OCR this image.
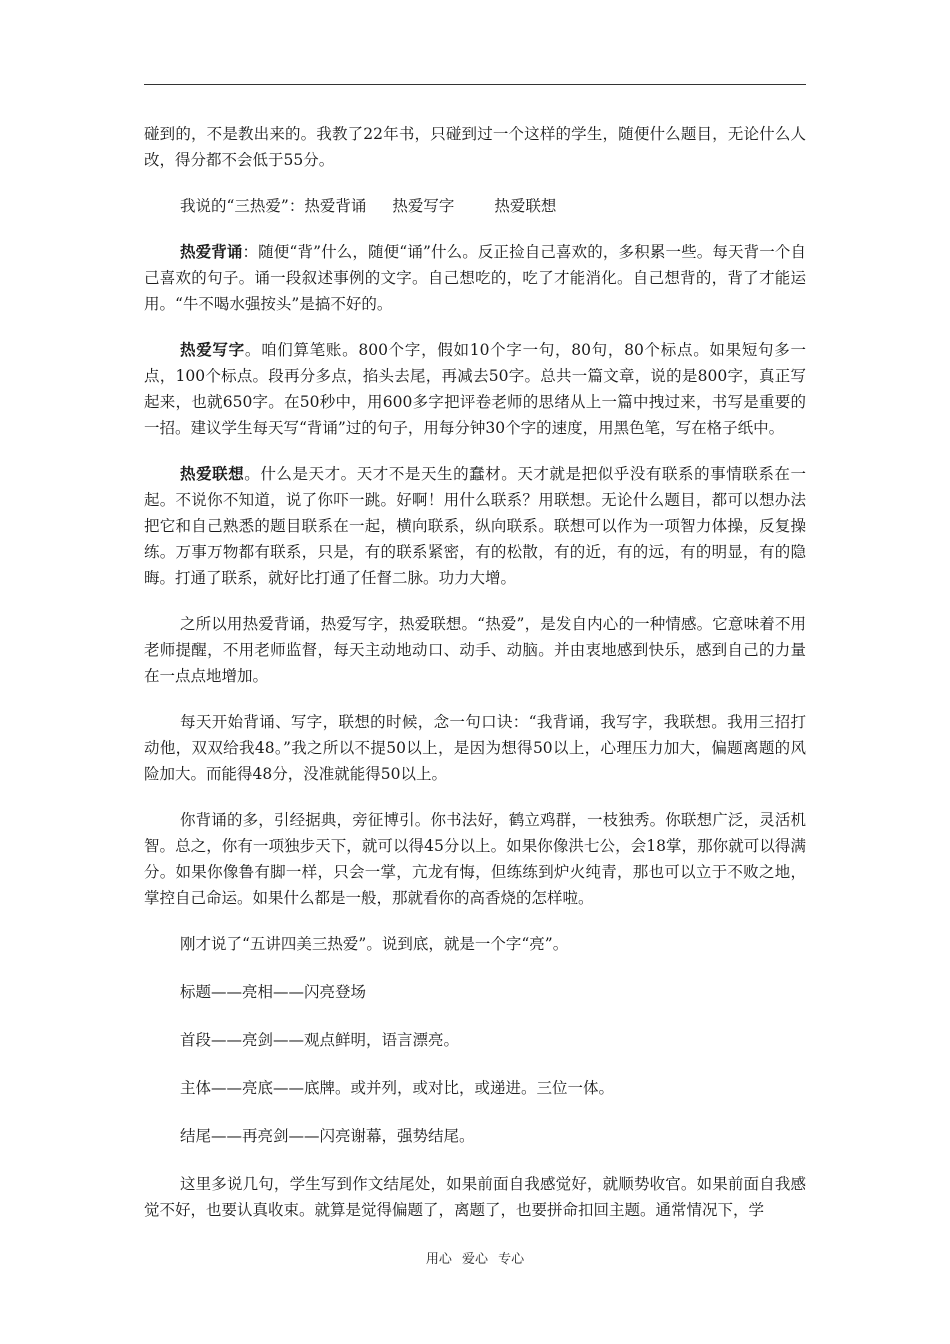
碰到的，不是教出来的。我教了22年书，只碰到过一个这样的学生，随便什么题目，无论什么人改，得分都不会低于55分。

我说的“三热爱”：热爱背诵 热爱写字	热爱联想

热爱背诵：随便“背”什么，随便“诵”什么。反正捡自己喜欢的，多积累一些。每天背一个自己喜欢的句子。诵一段叙述事例的文字。自己想吃的，吃了才能消化。自己想背的，背了才能运用。“牛不喝水强按头”是搞不好的。

热爱写字。咱们算笔账。800个字，假如10个字一句，80句，80个标点。如果短句多一点，100个标点。段再分多点，掐头去尾，再减去50字。总共一篇文章，说的是800字，真正写起来，也就650字。在50秒中，用600多字把评卷老师的思绪从上一篇中拽过来，书写是重要的一招。建议学生每天写“背诵”过的句子，用每分钟30个字的速度，用黑色笔，写在格子纸中。

热爱联想。什么是天才。天才不是天生的蠢材。天才就是把似乎没有联系的事情联系在一起。不说你不知道，说了你吓一跳。好啊！用什么联系？用联想。无论什么题目，都可以想办法把它和自己熟悉的题目联系在一起，横向联系，纵向联系。联想可以作为一项智力体操，反复操练。万事万物都有联系，只是，有的联系紧密，有的松散，有的近，有的远，有的明显，有的隐晦。打通了联系，就好比打通了任督二脉。功力大增。

之所以用热爱背诵，热爱写字，热爱联想。“热爱”，是发自内心的一种情感。它意味着不用老师提醒，不用老师监督，每天主动地动口、动手、动脑。并由衷地感到快乐，感到自己的力量在一点点地增加。

每天开始背诵、写字，联想的时候，念一句口诀：“我背诵，我写字，我联想。我用三招打动他，双双给我48。”我之所以不提50以上，是因为想得50以上，心理压力加大，偏题离题的风险加大。而能得48分，没准就能得50以上。

你背诵的多，引经据典，旁征博引。你书法好，鹤立鸡群，一枝独秀。你联想广泛，灵活机智。总之，你有一项独步天下，就可以得45分以上。如果你像洪七公，会18掌，那你就可以得满分。如果你像鲁有脚一样，只会一掌，亢龙有悔，但练练到炉火纯青，那也可以立于不败之地，掌控自己命运。如果什么都是一般，那就看你的高香烧的怎样啦。

刚才说了“五讲四美三热爱”。说到底，就是一个字“亮”。

标题——亮相——闪亮登场

首段——亮剑——观点鲜明，语言漂亮。

主体——亮底——底牌。或并列，或对比，或递进。三位一体。

结尾——再亮剑——闪亮谢幕，强势结尾。

这里多说几句，学生写到作文结尾处，如果前面自我感觉好，就顺势收官。如果前面自我感觉不好，也要认真收束。就算是觉得偏题了，离题了，也要拼命扣回主题。通常情况下，学

用心 爱心 专心
